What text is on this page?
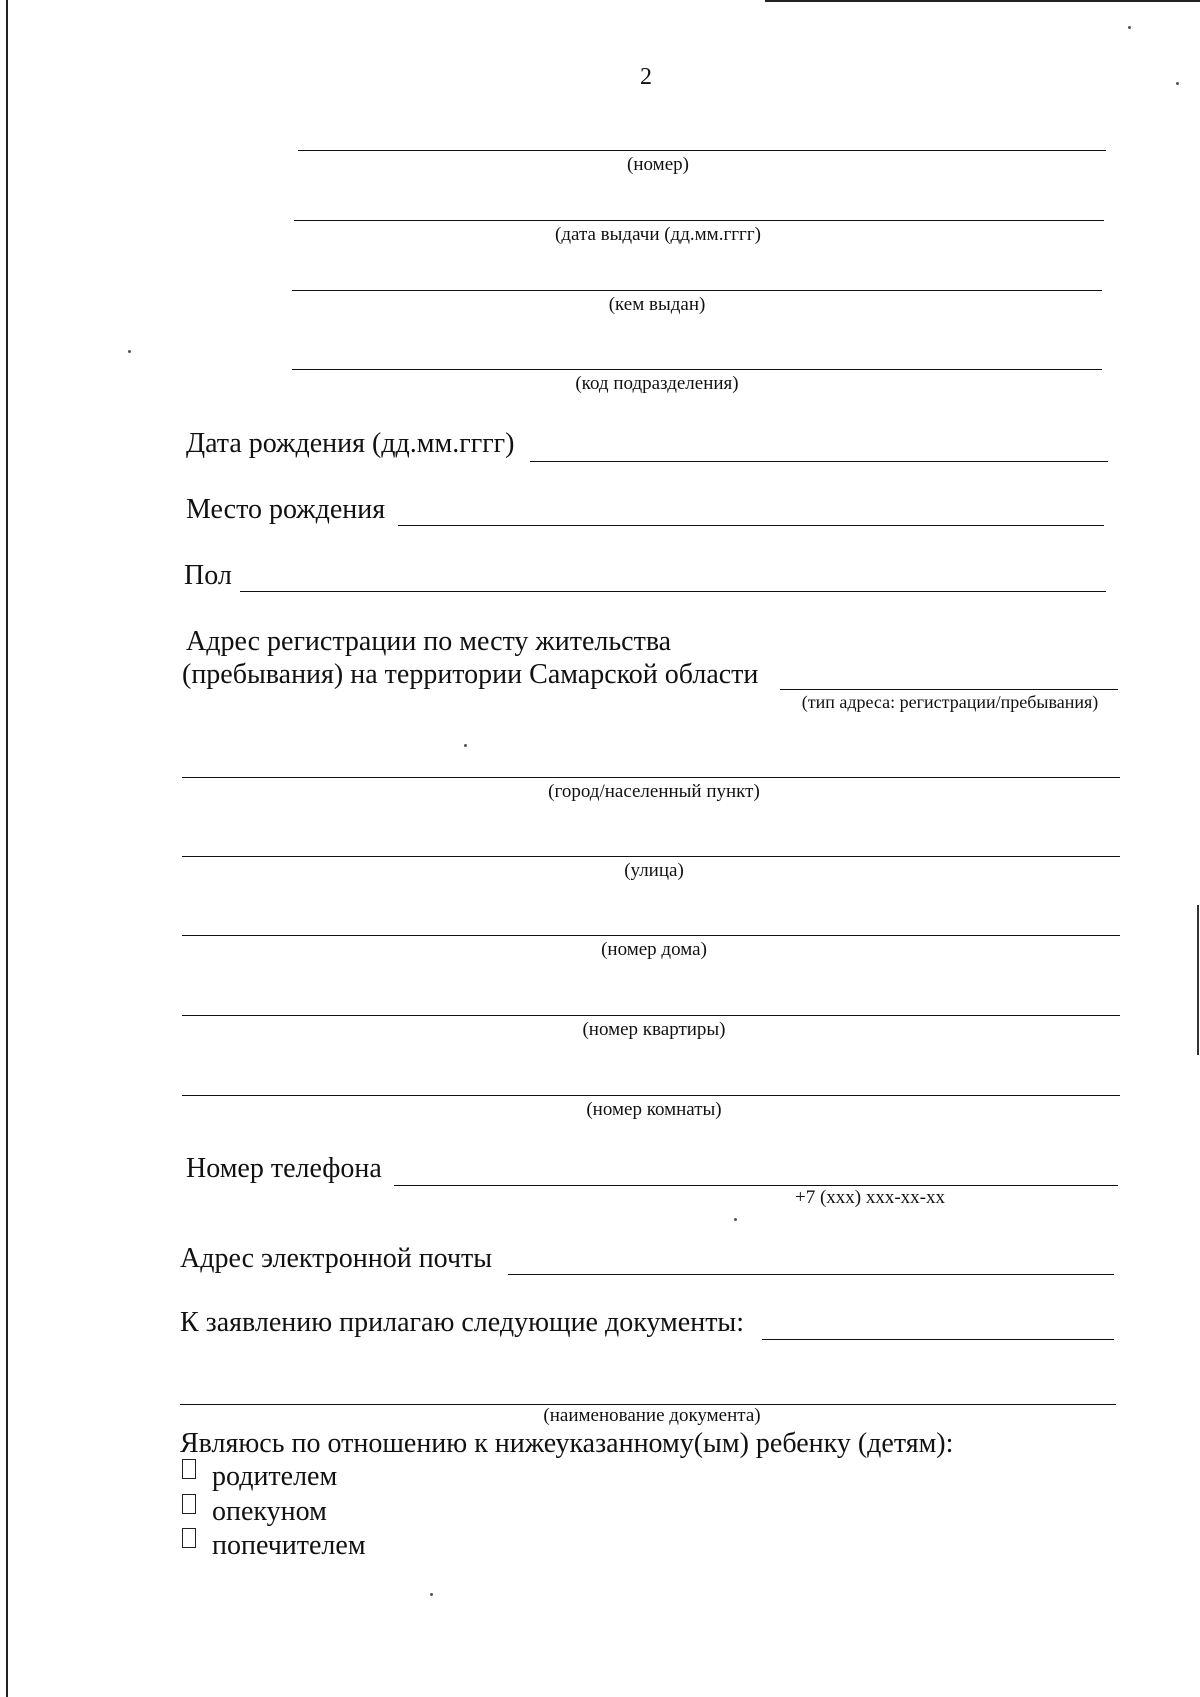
2
(номер)
(дата выдачи (дд.мм.гггг)
(кем выдан)
(код подразделения)
Дата рождения (дд.мм.гггг)
Место рождения
Пол
Адрес регистрации по месту жительства
(пребывания) на территории Самарской области
(тип адреса: регистрации/пребывания)
(город/населенный пункт)
(улица)
(номер дома)
(номер квартиры)
(номер комнаты)
Номер телефона
+7 (ххх) ххх-хх-хх
Адрес электронной почты
К заявлению прилагаю следующие документы:
(наименование документа)
Являюсь по отношению к нижеуказанному(ым) ребенку (детям):
родителем
опекуном
попечителем
